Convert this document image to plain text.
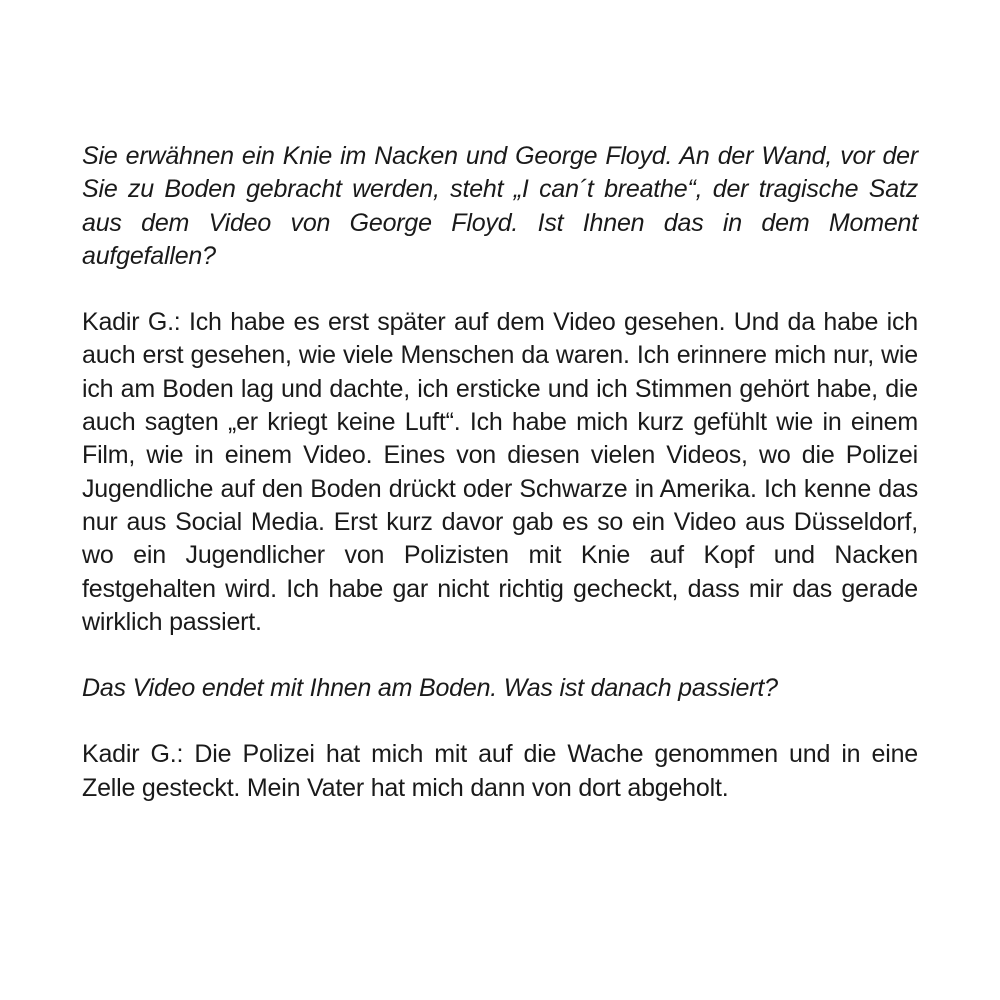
Sie erwähnen ein Knie im Nacken und George Floyd. An der Wand, vor der Sie zu Boden gebracht werden, steht „I can´t breathe“, der tragische Satz aus dem Video von George Floyd. Ist Ihnen das in dem Moment aufgefallen?

Kadir G.: Ich habe es erst später auf dem Video gesehen. Und da habe ich auch erst gesehen, wie viele Menschen da waren. Ich erinnere mich nur, wie ich am Boden lag und dachte, ich ersticke und ich Stimmen gehört habe, die auch sagten „er kriegt keine Luft“. Ich habe mich kurz gefühlt wie in einem Film, wie in einem Video. Eines von diesen vielen Videos, wo die Polizei Jugendliche auf den Boden drückt oder Schwarze in Amerika. Ich kenne das nur aus Social Media. Erst kurz davor gab es so ein Video aus Düsseldorf, wo ein Jugendlicher von Polizisten mit Knie auf Kopf und Nacken festgehalten wird. Ich habe gar nicht richtig gecheckt, dass mir das gerade wirklich passiert.

Das Video endet mit Ihnen am Boden. Was ist danach passiert?

Kadir G.: Die Polizei hat mich mit auf die Wache genommen und in eine Zelle gesteckt. Mein Vater hat mich dann von dort abgeholt.
